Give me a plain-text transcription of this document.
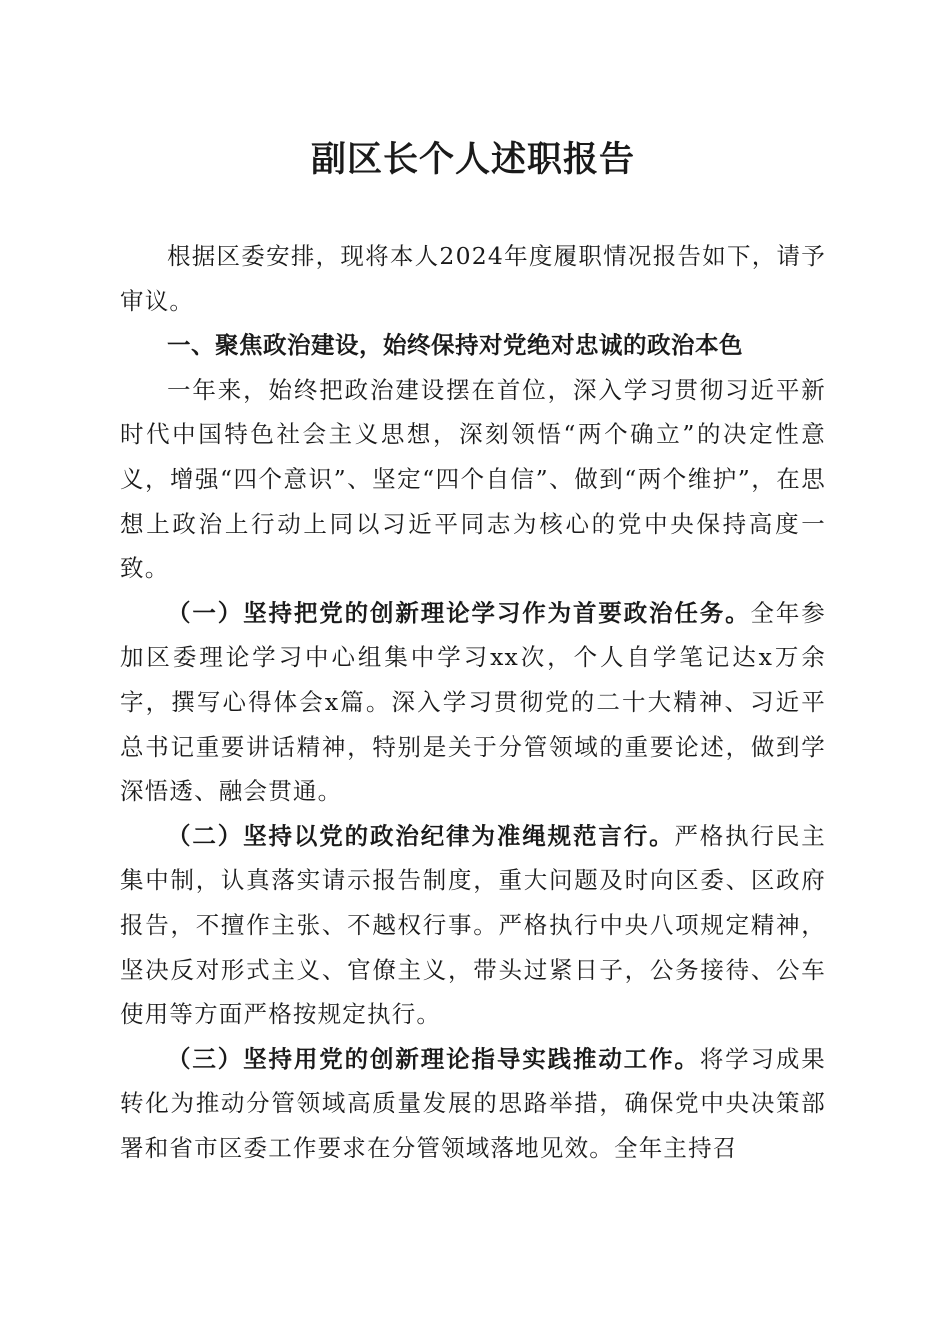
副区长个人述职报告

根据区委安排，现将本人2024年度履职情况报告如下，请予审议。

一、聚焦政治建设，始终保持对党绝对忠诚的政治本色

一年来，始终把政治建设摆在首位，深入学习贯彻习近平新时代中国特色社会主义思想，深刻领悟“两个确立”的决定性意义，增强“四个意识”、坚定“四个自信”、做到“两个维护”，在思想上政治上行动上同以习近平同志为核心的党中央保持高度一致。

（一）坚持把党的创新理论学习作为首要政治任务。全年参加区委理论学习中心组集中学习xx次，个人自学笔记达x万余字，撰写心得体会x篇。深入学习贯彻党的二十大精神、习近平总书记重要讲话精神，特别是关于分管领域的重要论述，做到学深悟透、融会贯通。

（二）坚持以党的政治纪律为准绳规范言行。严格执行民主集中制，认真落实请示报告制度，重大问题及时向区委、区政府报告，不擅作主张、不越权行事。严格执行中央八项规定精神，坚决反对形式主义、官僚主义，带头过紧日子，公务接待、公车使用等方面严格按规定执行。

（三）坚持用党的创新理论指导实践推动工作。将学习成果转化为推动分管领域高质量发展的思路举措，确保党中央决策部署和省市区委工作要求在分管领域落地见效。全年主持召
